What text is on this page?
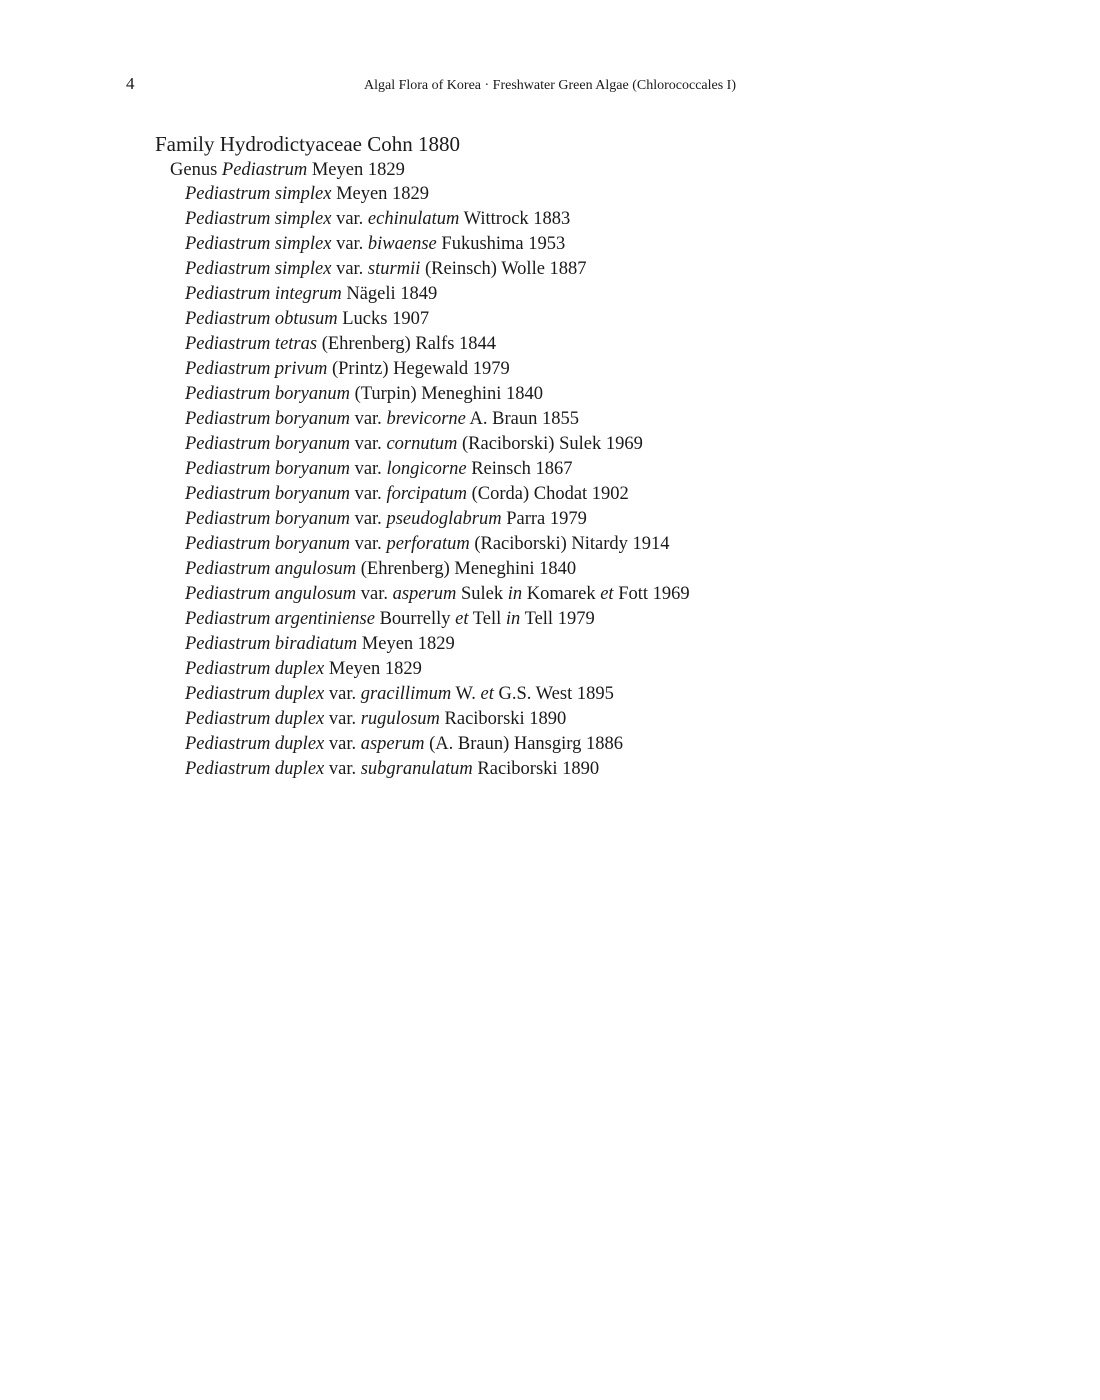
4	Algal Flora of Korea · Freshwater Green Algae (Chlorococcales I)
Family Hydrodictyaceae Cohn 1880
Genus Pediastrum Meyen 1829
Pediastrum simplex Meyen 1829
Pediastrum simplex var. echinulatum Wittrock 1883
Pediastrum simplex var. biwaense Fukushima 1953
Pediastrum simplex var. sturmii (Reinsch) Wolle 1887
Pediastrum integrum Nägeli 1849
Pediastrum obtusum Lucks 1907
Pediastrum tetras (Ehrenberg) Ralfs 1844
Pediastrum privum (Printz) Hegewald 1979
Pediastrum boryanum (Turpin) Meneghini 1840
Pediastrum boryanum var. brevicorne A. Braun 1855
Pediastrum boryanum var. cornutum (Raciborski) Sulek 1969
Pediastrum boryanum var. longicorne Reinsch 1867
Pediastrum boryanum var. forcipatum (Corda) Chodat 1902
Pediastrum boryanum var. pseudoglabrum Parra 1979
Pediastrum boryanum var. perforatum (Raciborski) Nitardy 1914
Pediastrum angulosum (Ehrenberg) Meneghini 1840
Pediastrum angulosum var. asperum Sulek in Komarek et Fott 1969
Pediastrum argentiniense Bourrelly et Tell in Tell 1979
Pediastrum biradiatum Meyen 1829
Pediastrum duplex Meyen 1829
Pediastrum duplex var. gracillimum W. et G.S. West 1895
Pediastrum duplex var. rugulosum Raciborski 1890
Pediastrum duplex var. asperum (A. Braun) Hansgirg 1886
Pediastrum duplex var. subgranulatum Raciborski 1890
